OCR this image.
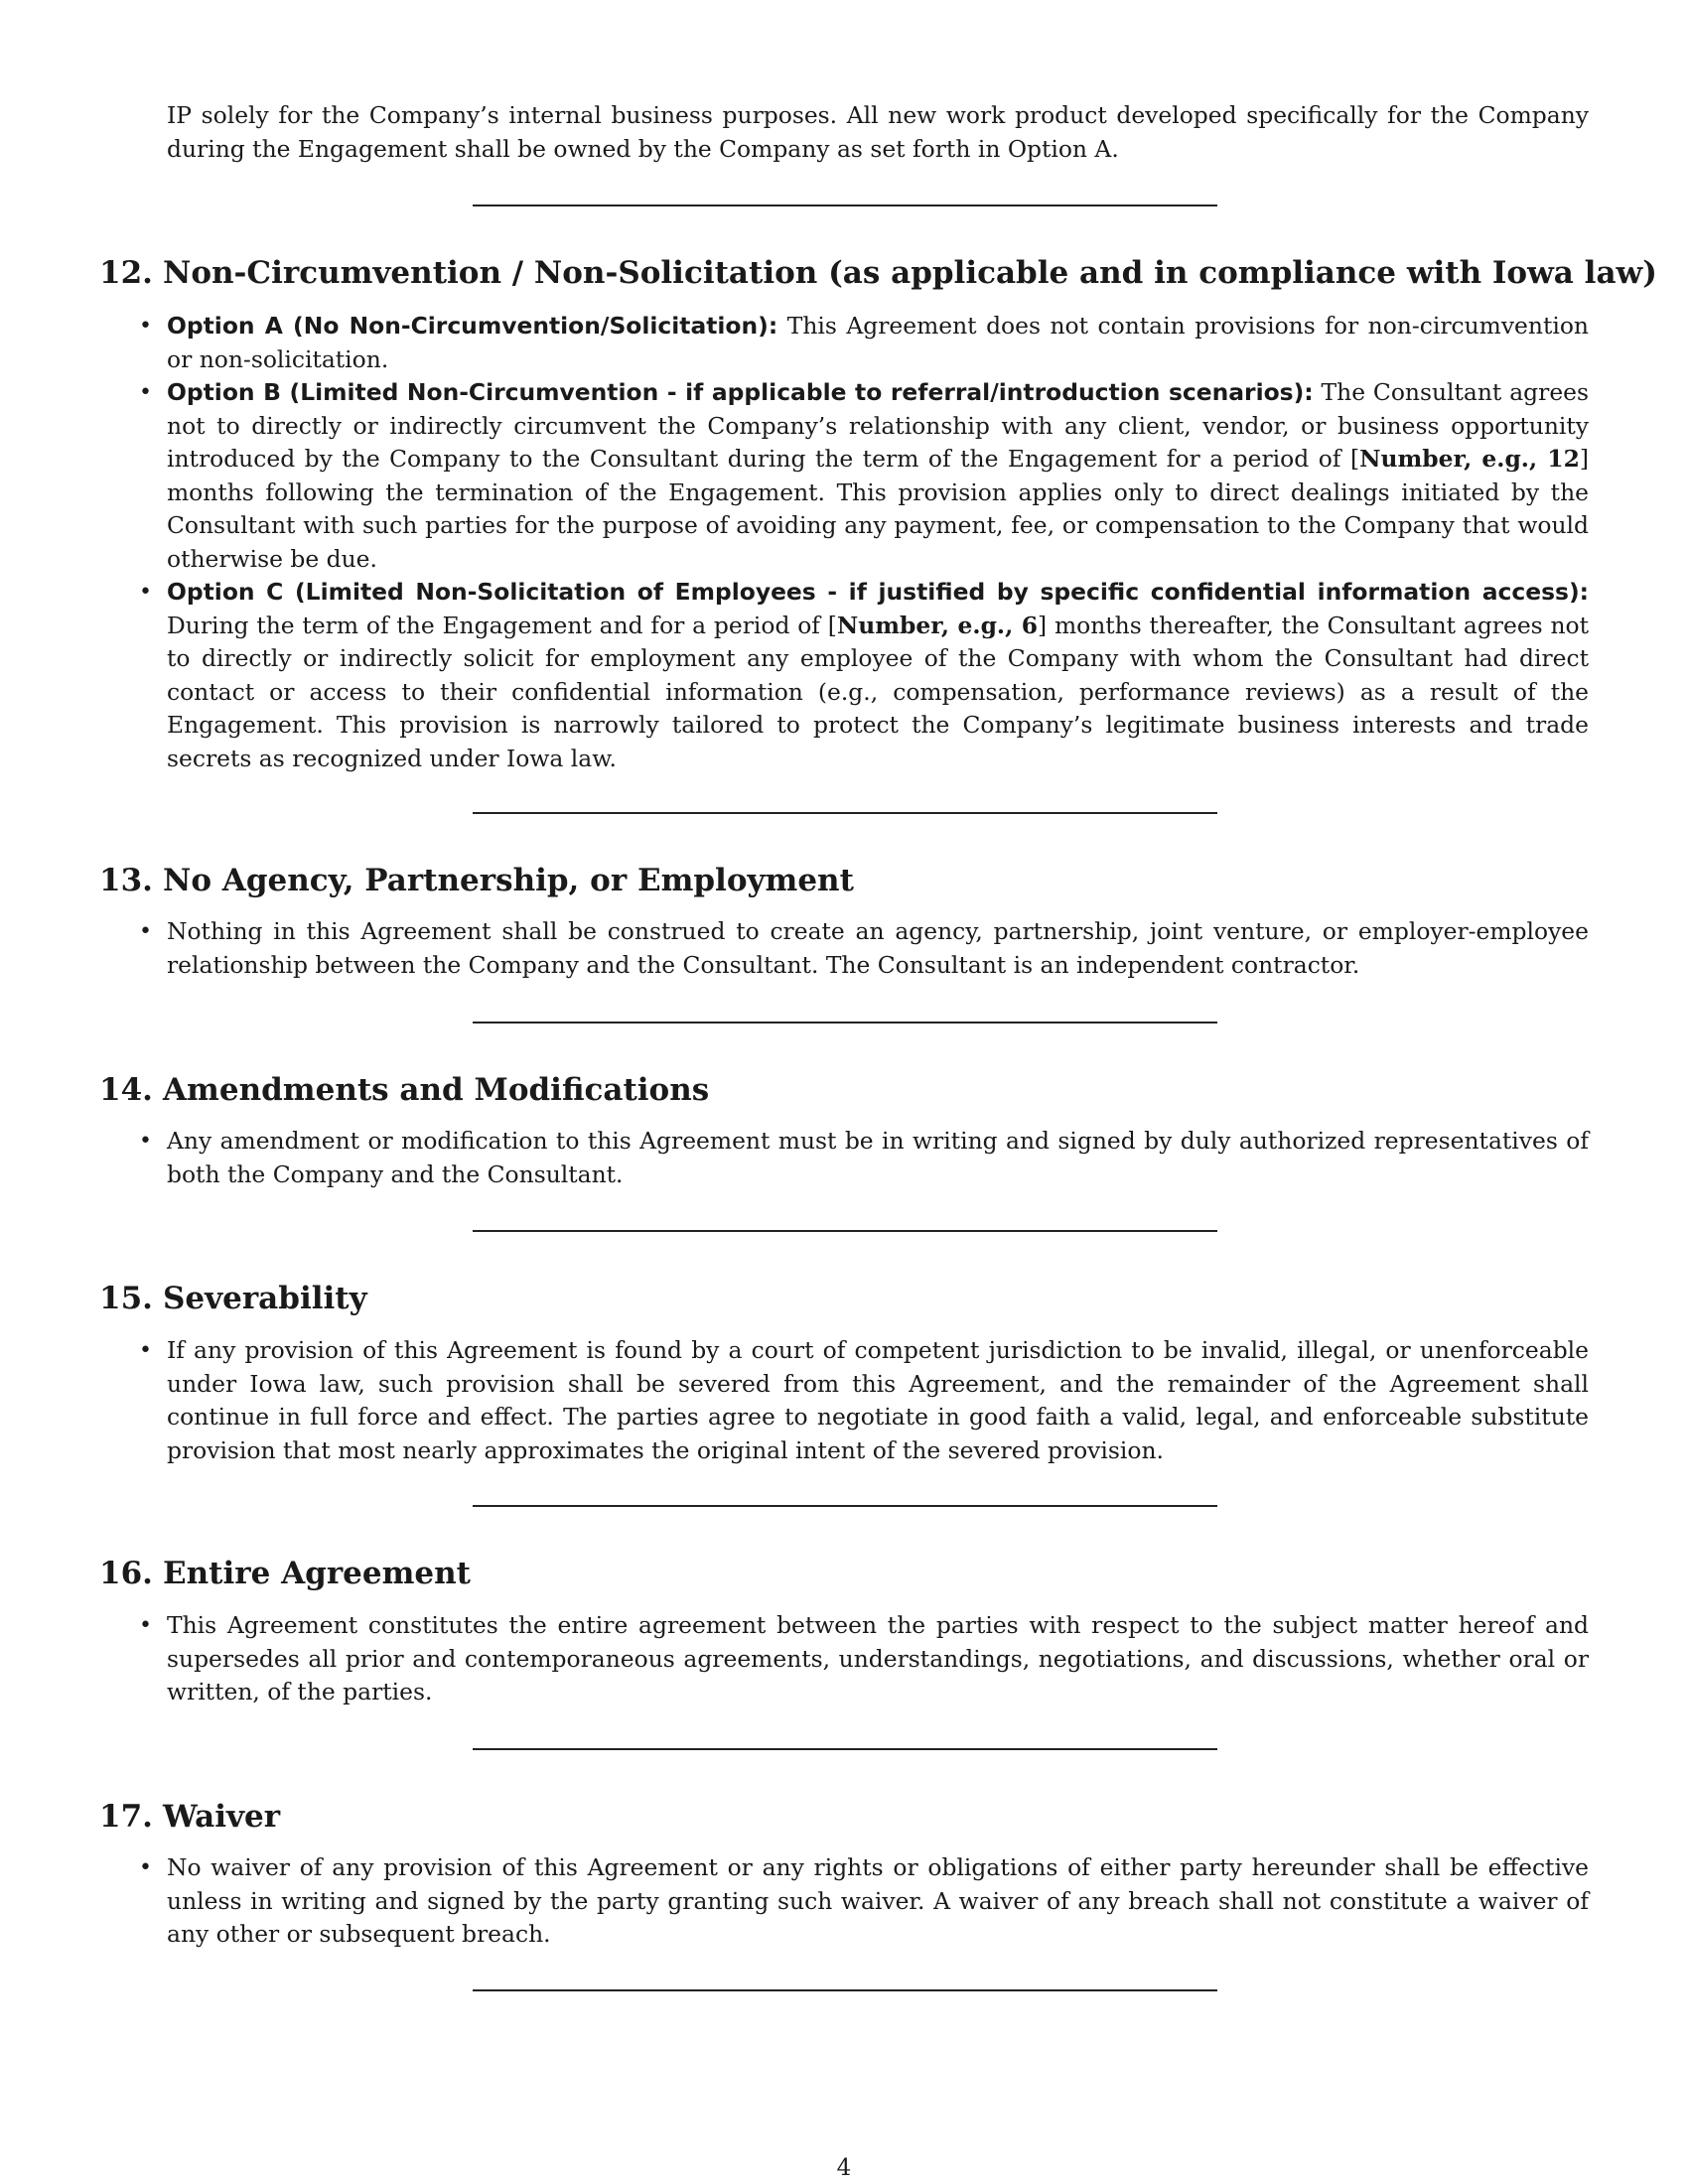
IP solely for the Company’s internal business purposes. All new work product developed specifically for the Company during the Engagement shall be owned by the Company as set forth in Option A.

12. Non-Circumvention / Non-Solicitation (as applicable and in compliance with Iowa law)
• Option A (No Non-Circumvention/Solicitation): This Agreement does not contain provisions for non-circumvention or non-solicitation.
• Option B (Limited Non-Circumvention - if applicable to referral/introduction scenarios): The Consultant agrees not to directly or indirectly circumvent the Company’s relationship with any client, vendor, or business opportunity introduced by the Company to the Consultant during the term of the Engagement for a period of [Number, e.g., 12] months following the termination of the Engagement. This provision applies only to direct dealings initiated by the Consultant with such parties for the purpose of avoiding any payment, fee, or compensation to the Company that would otherwise be due.
• Option C (Limited Non-Solicitation of Employees - if justified by specific confidential information access): During the term of the Engagement and for a period of [Number, e.g., 6] months thereafter, the Consultant agrees not to directly or indirectly solicit for employment any employee of the Company with whom the Consultant had direct contact or access to their confidential information (e.g., compensation, performance reviews) as a result of the Engagement. This provision is narrowly tailored to protect the Company’s legitimate business interests and trade secrets as recognized under Iowa law.
13. No Agency, Partnership, or Employment
• Nothing in this Agreement shall be construed to create an agency, partnership, joint venture, or employer-employee relationship between the Company and the Consultant. The Consultant is an independent contractor.
14. Amendments and Modifications
• Any amendment or modification to this Agreement must be in writing and signed by duly authorized representatives of both the Company and the Consultant.
15. Severability
• If any provision of this Agreement is found by a court of competent jurisdiction to be invalid, illegal, or unenforceable under Iowa law, such provision shall be severed from this Agreement, and the remainder of the Agreement shall continue in full force and effect. The parties agree to negotiate in good faith a valid, legal, and enforceable substitute provision that most nearly approximates the original intent of the severed provision.
16. Entire Agreement
• This Agreement constitutes the entire agreement between the parties with respect to the subject matter hereof and supersedes all prior and contemporaneous agreements, understandings, negotiations, and discussions, whether oral or written, of the parties.
17. Waiver
• No waiver of any provision of this Agreement or any rights or obligations of either party hereunder shall be effective unless in writing and signed by the party granting such waiver. A waiver of any breach shall not constitute a waiver of any other or subsequent breach.
4
